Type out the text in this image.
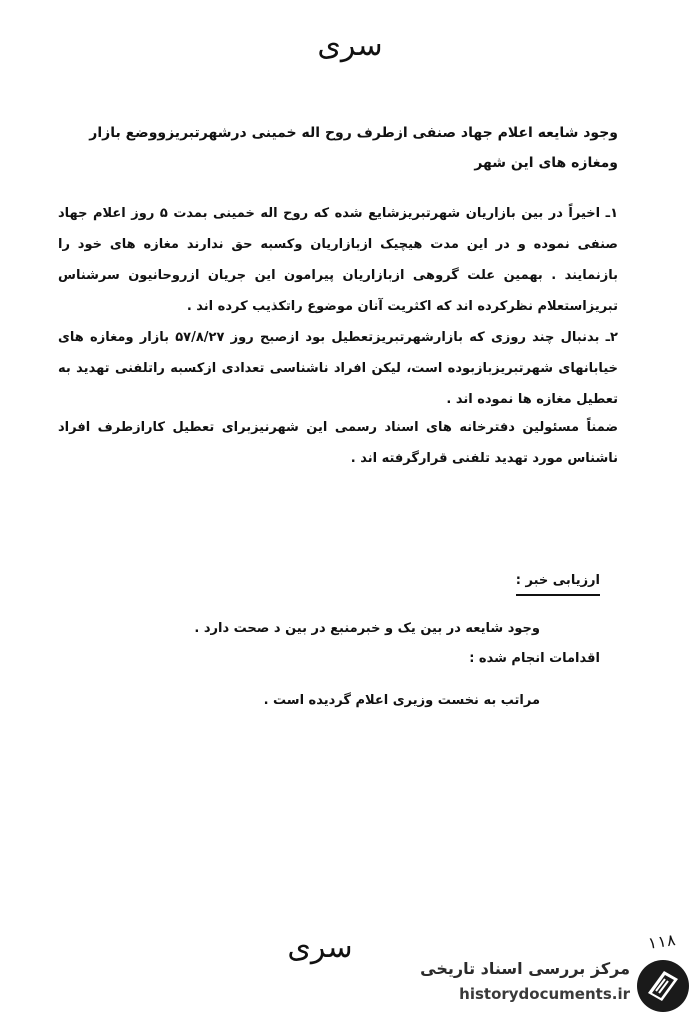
سری
وجود شایعه اعلام جهاد صنفی ازطرف روح اله خمینی درشهرتبریزووضع بازار
ومغازه های این شهر
۱ـ اخیراً در بین بازاریان شهرتبریزشایع شده که روح اله خمینی بمدت ۵ روز اعلام جهاد صنفی نموده و در این مدت هیچیک ازبازاریان وکسبه حق ندارند مغازه های خود را بازنمایند . بهمین علت گروهی ازبازاریان پیرامون این جریان ازروحانیون سرشناس تبریزاستعلام نظرکرده اند که اکثریت آنان موضوع راتکذیب کرده اند .
۲ـ بدنبال چند روزی که بازارشهرتبریزتعطیل بود ازصبح روز ۵۷/۸/۲۷ بازار ومغازه های خیابانهای شهرتبریزبازبوده است، لیکن افراد ناشناسی تعدادی ازکسبه راتلفنی تهدید به تعطیل مغازه ها نموده اند .
ضمناً مسئولین دفترخانه های اسناد رسمی این شهرنیزبرای تعطیل کارازطرف افراد ناشناس مورد تهدید تلفنی قرارگرفته اند .
ارزیابی خبر :
وجود شایعه در بین یک و خبرمنبع در بین د صحت دارد .
اقدامات انجام شده :
مراتب به نخست وزیری اعلام گردیده است .
۱۱۸
سری
مرکز بررسی اسناد تاریخی
historydocuments.ir
